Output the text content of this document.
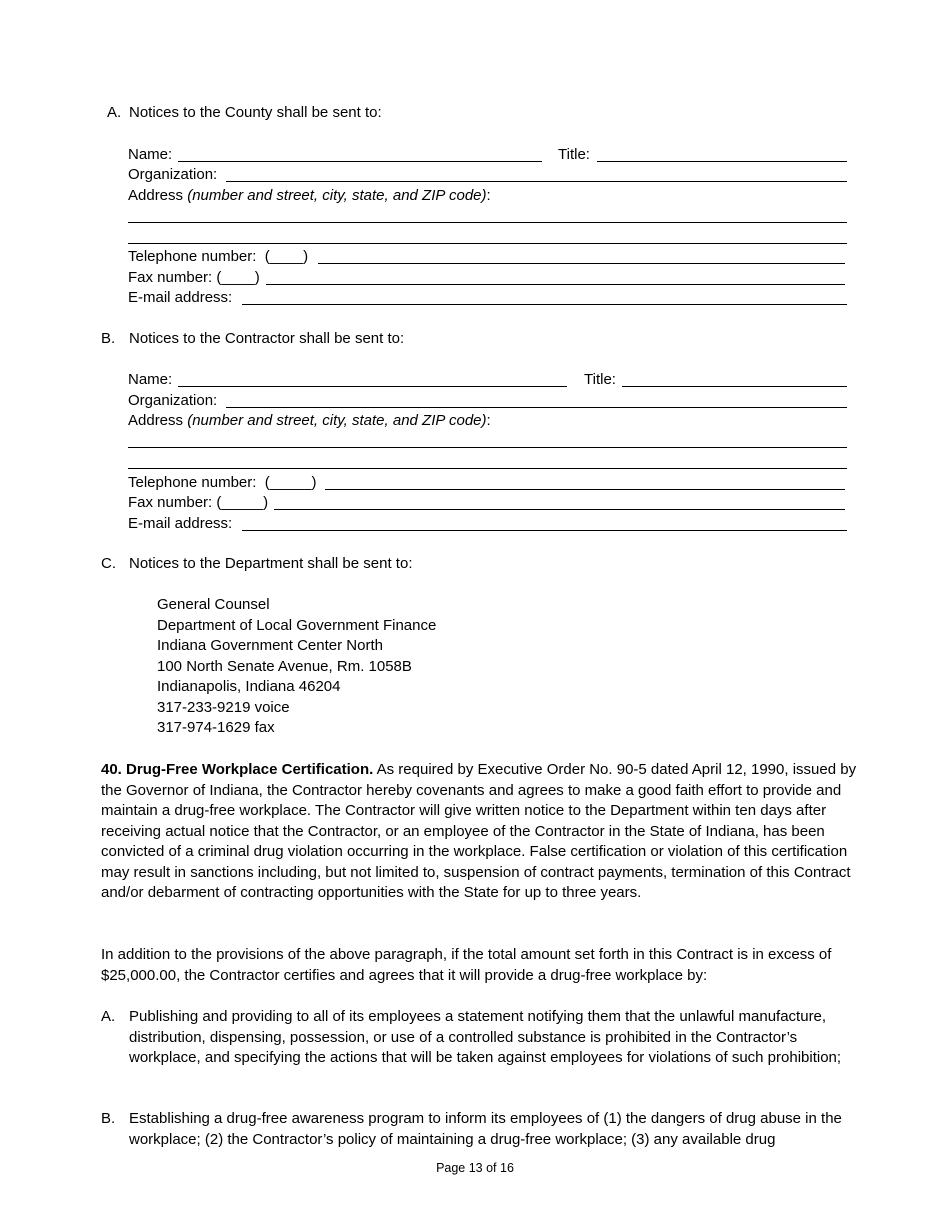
A. Notices to the County shall be sent to:
Name:	Title:
Organization:
Address (number and street, city, state, and ZIP code):
Telephone number: (____)
Fax number: (____)
E-mail address:
B. Notices to the Contractor shall be sent to:
Name:	Title:
Organization:
Address (number and street, city, state, and ZIP code):
Telephone number: (_____)
Fax number: (_____)
E-mail address:
C. Notices to the Department shall be sent to:
General Counsel
Department of Local Government Finance
Indiana Government Center North
100 North Senate Avenue, Rm. 1058B
Indianapolis, Indiana 46204
317-233-9219 voice
317-974-1629 fax
40. Drug-Free Workplace Certification. As required by Executive Order No. 90-5 dated April 12, 1990, issued by the Governor of Indiana, the Contractor hereby covenants and agrees to make a good faith effort to provide and maintain a drug-free workplace. The Contractor will give written notice to the Department within ten days after receiving actual notice that the Contractor, or an employee of the Contractor in the State of Indiana, has been convicted of a criminal drug violation occurring in the workplace. False certification or violation of this certification may result in sanctions including, but not limited to, suspension of contract payments, termination of this Contract and/or debarment of contracting opportunities with the State for up to three years.
In addition to the provisions of the above paragraph, if the total amount set forth in this Contract is in excess of $25,000.00, the Contractor certifies and agrees that it will provide a drug-free workplace by:
A. Publishing and providing to all of its employees a statement notifying them that the unlawful manufacture, distribution, dispensing, possession, or use of a controlled substance is prohibited in the Contractor’s workplace, and specifying the actions that will be taken against employees for violations of such prohibition;
B. Establishing a drug-free awareness program to inform its employees of (1) the dangers of drug abuse in the workplace; (2) the Contractor’s policy of maintaining a drug-free workplace; (3) any available drug
Page 13 of 16
